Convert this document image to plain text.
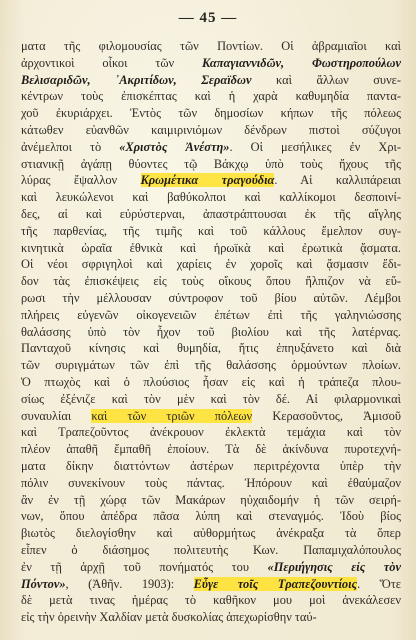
— 45 —
ματα τῆς φιλομουσίας τῶν Ποντίων. Οἱ ἀβραμιαῖοι καὶ
ἀρχοντικοὶ οἶκοι τῶν Καπαγιαννιδῶν, Φωστηροπούλων
Βελισαριδῶν, ᾿Ακριτίδων, Σεραϊδων καὶ ἄλλων συνε-
κέντρων τοὺς ἐπισκέπτας καὶ ἡ χαρὰ καθυμηδία παντα-
χοῦ ἐκυριάρχει. Ἐντὸς τῶν δημοσίων κήπων τῆς πόλεως
κάτωθεν εὐανθῶν καιμιρινιόμων δένδρων πιστοὶ σύζυγοι
ἀνέμελποι τὸ «Χριστὸς Ἀνέστη». Οἱ μεσήλικες ἐν Χρι-
στιανικῇ ἀγάπῃ θύοντες τῷ Βάκχῳ ὑπὸ τοὺς ἤχους τῆς
λύρας ἔψαλλον Κρωμέτικα τραγούδια. Αἱ καλλιπάρειαι
καὶ λευκώλενοι καὶ βαθύκολποι καὶ καλλίκομοι δεσποινί-
δες, αἱ καὶ εὐρύστερναι, ἀπαστράπτουσαι ἐκ τῆς αἴγλης
τῆς παρθενίας, τῆς τιμῆς καὶ τοῦ κάλλους ἔμελπον συγ-
κινητικὰ ὡραῖα ἐθνικὰ καὶ ἡρωϊκὰ καὶ ἐρωτικὰ ᾄσματα.
Οἱ νέοι σφριγηλοὶ καὶ χαρίεις ἐν χοροῖς καὶ ᾄσμασιν ἔδι-
δον τὰς ἐπισκέψεις εἰς τοὺς οἴκους ὅπου ἤλπιζον νὰ εὕ-
ρωσι τὴν μέλλουσαν σύντροφον τοῦ βίου αὐτῶν. Λέμβοι
πλήρεις εὐγενῶν οἰκογενειῶν ἐπέτων ἐπὶ τῆς γαληνιώσσης
θαλάσσης ὑπὸ τὸν ἦχον τοῦ βιολίου καὶ τῆς λατέρνας.
Πανταχοῦ κίνησις καὶ θυμηδία, ἥτις ἐπηυξάνετο καὶ διὰ
τῶν συριγμάτων τῶν ἐπὶ τῆς θαλάσσης ὁρμούντων πλοίων.
Ὁ πτωχὸς καὶ ὁ πλούσιος ἦσαν εἰς καὶ ἡ τράπεζα πλου-
σίως ἐξένιζε καὶ τὸν μὲν καὶ τὸν δέ. Αἱ φιλαρμονικαὶ
συναυλίαι καὶ τῶν τριῶν πόλεων Κερασοῦντος, Ἀμισοῦ
καὶ Τραπεζοῦντος ἀνέκρουον ἐκλεκτὰ τεμάχια καὶ τὸν
πλέον ἀπαθῆ ἔμπαθῆ ἐποίουν. Τὰ δὲ ἀκίνδυνα πυροτεχνή-
ματα δίκην διαττόντων ἀστέρων περιτρέχοντα ὑπὲρ τὴν
πόλιν συνεκίνουν τοὺς πάντας. Ἠπόρουν καὶ ἐθαύμαζον
ἂν ἐν τῇ χώρᾳ τῶν Μακάρων ηὐχαιδομήν ἡ τῶν σειρή-
νων, ὅπου ἀπέδρα πᾶσα λύπη καὶ στεναγμός. Ἰδοὺ βίος
βιωτὸς διελογίσθην καὶ αὐθορμήτως ἀνέκραξα τὰ ὅπερ
εἶπεν ὁ διάσημος πολιτευτὴς Κων. Παπαμιχαλόπουλος
ἐν τῇ ἀρχῇ τοῦ πονήματός του «Περιήγησις εἰς τὸν
Πόντον», (Ἀθῆν. 1903): Εὖγε τοῖς Τραπεζουντίοις. Ὅτε
δὲ μετὰ τινας ἡμέρας τὸ καθῆκον μου μοὶ ἀνεκάλεσεν
εἰς τὴν ὀρεινὴν Χαλδίαν μετὰ δυσκολίας ἀπεχωρίσθην ταύ-
